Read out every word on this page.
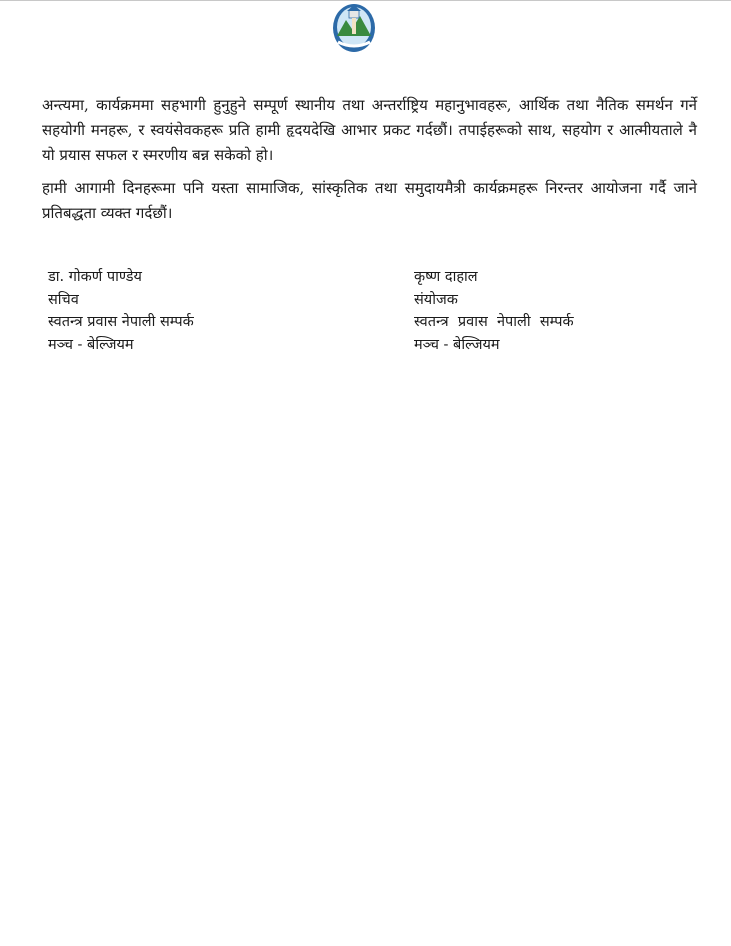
अन्त्यमा, कार्यक्रममा सहभागी हुनुहुने सम्पूर्ण स्थानीय तथा अन्तर्राष्ट्रिय महानुभावहरू, आर्थिक तथा नैतिक समर्थन गर्ने सहयोगी मनहरू, र स्वयंसेवकहरू प्रति हामी हृदयदेखि आभार प्रकट गर्दछौं। तपाईहरूको साथ, सहयोग र आत्मीयताले नै यो प्रयास सफल र स्मरणीय बन्न सकेको हो।

हामी आगामी दिनहरूमा पनि यस्ता सामाजिक, सांस्कृतिक तथा समुदायमैत्री कार्यक्रमहरू निरन्तर आयोजना गर्दै जाने प्रतिबद्धता व्यक्त गर्दछौं।

डा. गोकर्ण पाण्डेय
सचिव
स्वतन्त्र प्रवास नेपाली सम्पर्क
मञ्च - बेल्जियम
कृष्ण दाहाल
संयोजक
स्वतन्त्र  प्रवास  नेपाली  सम्पर्क
मञ्च - बेल्जियम
